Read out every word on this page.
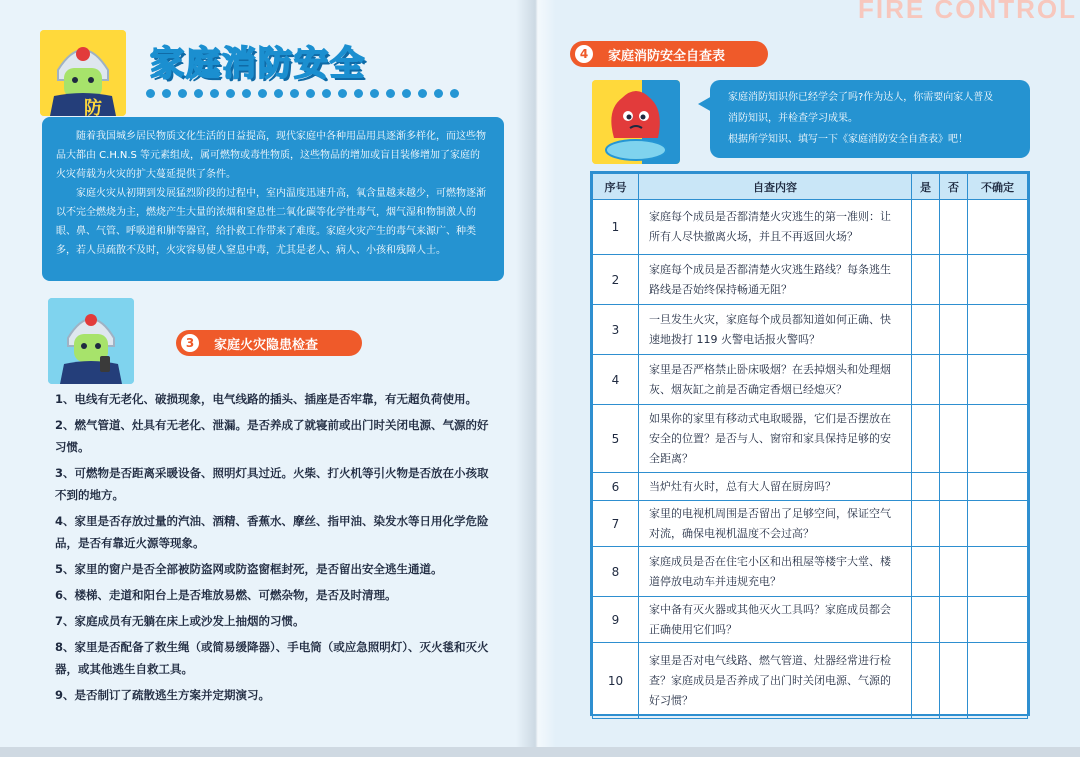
防
家庭消防安全

随着我国城乡居民物质文化生活的日益提高，现代家庭中各种用品用具逐渐多样化，而这些物品大都由 C.H.N.S 等元素组成，属可燃物或毒性物质，这些物品的增加或盲目装修增加了家庭的火灾荷载为火灾的扩大蔓延提供了条件。

家庭火灾从初期到发展猛烈阶段的过程中，室内温度迅速升高，氧含量越来越少，可燃物逐渐以不完全燃烧为主，燃烧产生大量的浓烟和窒息性二氧化碳等化学性毒气，烟气湿和物制激人的眼、鼻、气管、呼吸道和肺等器官，给扑救工作带来了难度。家庭火灾产生的毒气来源广、种类多，若人员疏散不及时，火灾容易使人窒息中毒，尤其是老人、病人、小孩和残障人士。

3	家庭火灾隐患检查
1、电线有无老化、破损现象，电气线路的插头、插座是否牢靠，有无超负荷使用。
2、燃气管道、灶具有无老化、泄漏。是否养成了就寝前或出门时关闭电源、气源的好习惯。
3、可燃物是否距离采暖设备、照明灯具过近。火柴、打火机等引火物是否放在小孩取不到的地方。
4、家里是否存放过量的汽油、酒精、香蕉水、摩丝、指甲油、染发水等日用化学危险品，是否有靠近火源等现象。
5、家里的窗户是否全部被防盗网或防盗窗框封死，是否留出安全逃生通道。
6、楼梯、走道和阳台上是否堆放易燃、可燃杂物，是否及时清理。
7、家庭成员有无躺在床上或沙发上抽烟的习惯。
8、家里是否配备了救生绳（或简易缓降器）、手电筒（或应急照明灯）、灭火毯和灭火器，或其他逃生自救工具。
9、是否制订了疏散逃生方案并定期演习。
FIRE CONTROL
4	家庭消防安全自查表
家庭消防知识你已经学会了吗?作为达人，你需要向家人普及
消防知识，并检查学习成果。
根据所学知识、填写一下《家庭消防安全自查表》吧！
序号	自查内容	是	否	不确定
1	家庭每个成员是否都清楚火灾逃生的第一准则：让所有人尽快撤离火场，并且不再返回火场？			
2	家庭每个成员是否都清楚火灾逃生路线？每条逃生路线是否始终保持畅通无阻？			
3	一旦发生火灾，家庭每个成员都知道如何正确、快速地拨打 119 火警电话报火警吗？			
4	家里是否严格禁止卧床吸烟？在丢掉烟头和处理烟灰、烟灰缸之前是否确定香烟已经熄灭？			
5	如果你的家里有移动式电取暖器，它们是否摆放在安全的位置？是否与人、窗帘和家具保持足够的安全距离？			
6	当炉灶有火时，总有大人留在厨房吗？			
7	家里的电视机周围是否留出了足够空间，保证空气对流，确保电视机温度不会过高？			
8	家庭成员是否在住宅小区和出租屋等楼宇大堂、楼道停放电动车并违规充电？			
9	家中备有灭火器或其他灭火工具吗？家庭成员都会正确使用它们吗？			
10	家里是否对电气线路、燃气管道、灶器经常进行检查？家庭成员是否养成了出门时关闭电源、气源的好习惯？			
